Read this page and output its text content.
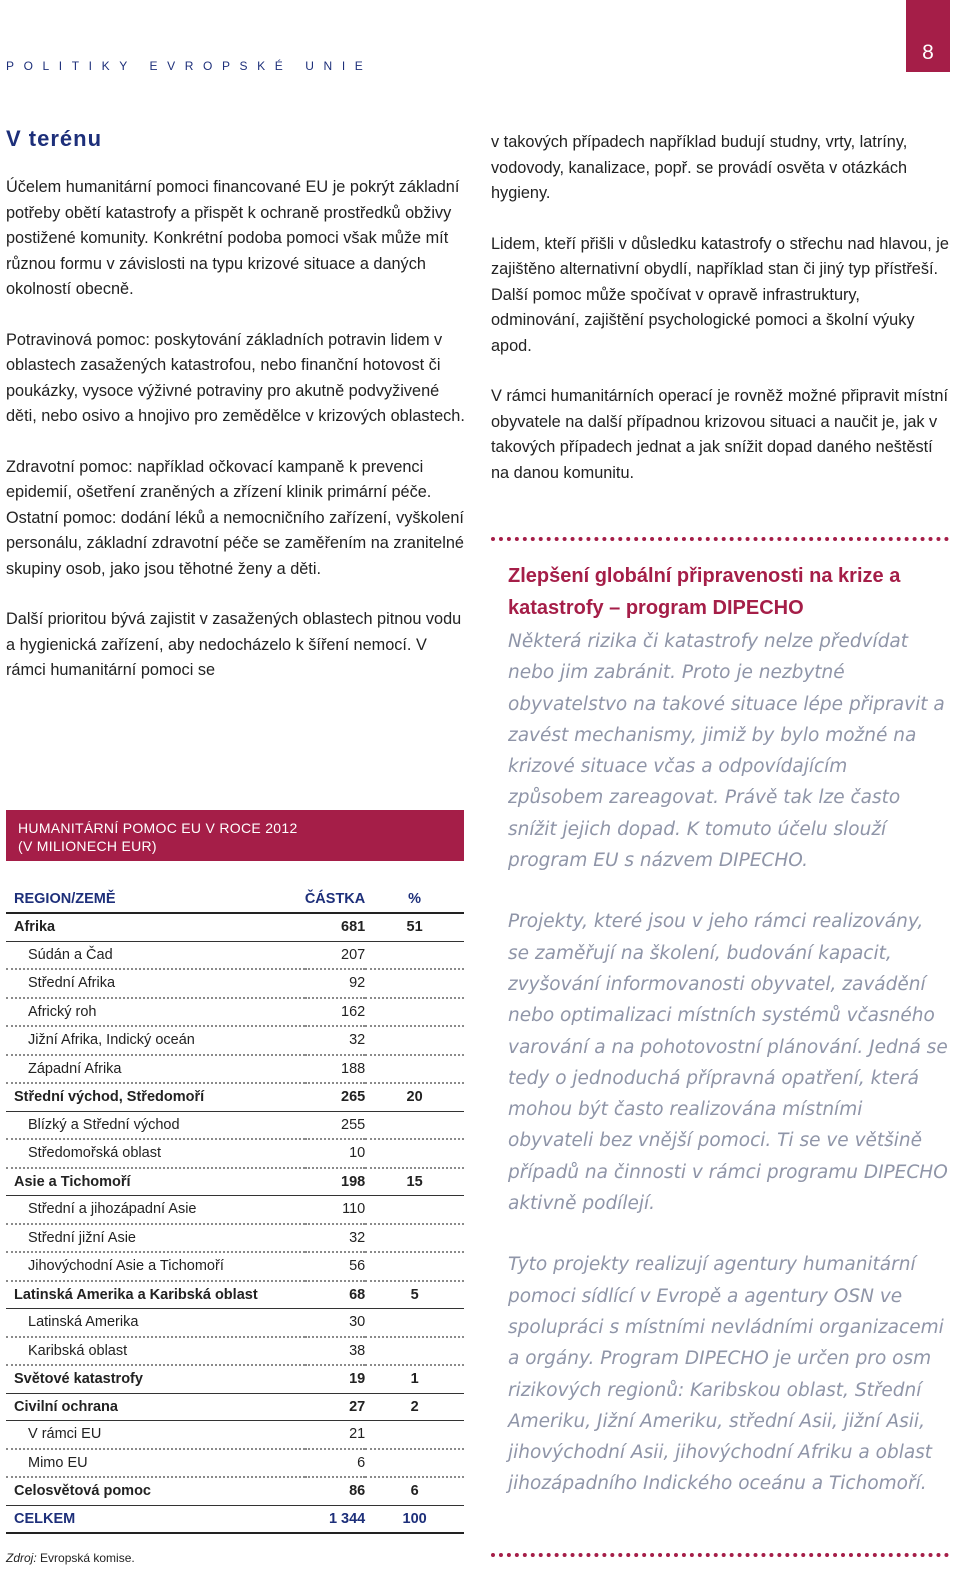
POLITIKY EVROPSKÉ UNIE
8
V terénu

Účelem humanitární pomoci financované EU je pokrýt základní potřeby obětí katastrofy a přispět k ochraně prostředků obživy postižené komunity. Konkrétní podoba pomoci však může mít různou formu v závislosti na typu krizové situace a daných okolností obecně.

Potravinová pomoc: poskytování základních potravin lidem v oblastech zasažených katastrofou, nebo finanční hotovost či poukázky, vysoce výživné potraviny pro akutně podvyživené děti, nebo osivo a hnojivo pro zemědělce v krizových oblastech.

Zdravotní pomoc: například očkovací kampaně k prevenci epidemií, ošetření zraněných a zřízení klinik primární péče. Ostatní pomoc: dodání léků a nemocničního zařízení, vyškolení personálu, základní zdravotní péče se zaměřením na zranitelné skupiny osob, jako jsou těhotné ženy a děti.

Další prioritou bývá zajistit v zasažených oblastech pitnou vodu a hygienická zařízení, aby nedocházelo k šíření nemocí. V rámci humanitární pomoci se

v takových případech například budují studny, vrty, latríny, vodovody, kanalizace, popř. se provádí osvěta v otázkách hygieny.

Lidem, kteří přišli v důsledku katastrofy o střechu nad hlavou, je zajištěno alternativní obydlí, například stan či jiný typ přístřeší. Další pomoc může spočívat v opravě infrastruktury, odminování, zajištění psychologické pomoci a školní výuky apod.

V rámci humanitárních operací je rovněž možné připravit místní obyvatele na další případnou krizovou situaci a naučit je, jak v takových případech jednat a jak snížit dopad daného neštěstí na danou komunitu.

Zlepšení globální připravenosti na krize a katastrofy – program DIPECHO

Některá rizika či katastrofy nelze předvídat nebo jim zabránit. Proto je nezbytné obyvatelstvo na takové situace lépe připravit a zavést mechanismy, jimiž by bylo možné na krizové situace včas a odpovídajícím způsobem zareagovat. Právě tak lze často snížit jejich dopad. K tomuto účelu slouží program EU s názvem DIPECHO.

Projekty, které jsou v jeho rámci realizovány, se zaměřují na školení, budování kapacit, zvyšování informovanosti obyvatel, zavádění nebo optimalizaci místních systémů včasného varování a na pohotovostní plánování. Jedná se tedy o jednoduchá přípravná opatření, která mohou být často realizována místními obyvateli bez vnější pomoci. Ti se ve většině případů na činnosti v rámci programu DIPECHO aktivně podílejí.

Tyto projekty realizují agentury humanitární pomoci sídlící v Evropě a agentury OSN ve spolupráci s místními nevládními organizacemi a orgány. Program DIPECHO je určen pro osm rizikových regionů: Karibskou oblast, Střední Ameriku, Jižní Ameriku, střední Asii, jižní Asii, jihovýchodní Asii, jihovýchodní Afriku a oblast jihozápadního Indického oceánu a Tichomoří.

HUMANITÁRNÍ POMOC EU V ROCE 2012
(V MILIONECH EUR)
REGION/ZEMĚ	ČÁSTKA	%
Afrika	681	51
Súdán a Čad	207	
Střední Afrika	92	
Africký roh	162	
Jižní Afrika, Indický oceán	32	
Západní Afrika	188	
Střední východ, Středomoří	265	20
Blízký a Střední východ	255	
Středomořská oblast	10	
Asie a Tichomoří	198	15
Střední a jihozápadní Asie	110	
Střední jižní Asie	32	
Jihovýchodní Asie a Tichomoří	56	
Latinská Amerika a Karibská oblast	68	5
Latinská Amerika	30	
Karibská oblast	38	
Světové katastrofy	19	1
Civilní ochrana	27	2
V rámci EU	21	
Mimo EU	6	
Celosvětová pomoc	86	6
CELKEM	1 344	100
Zdroj: Evropská komise.
